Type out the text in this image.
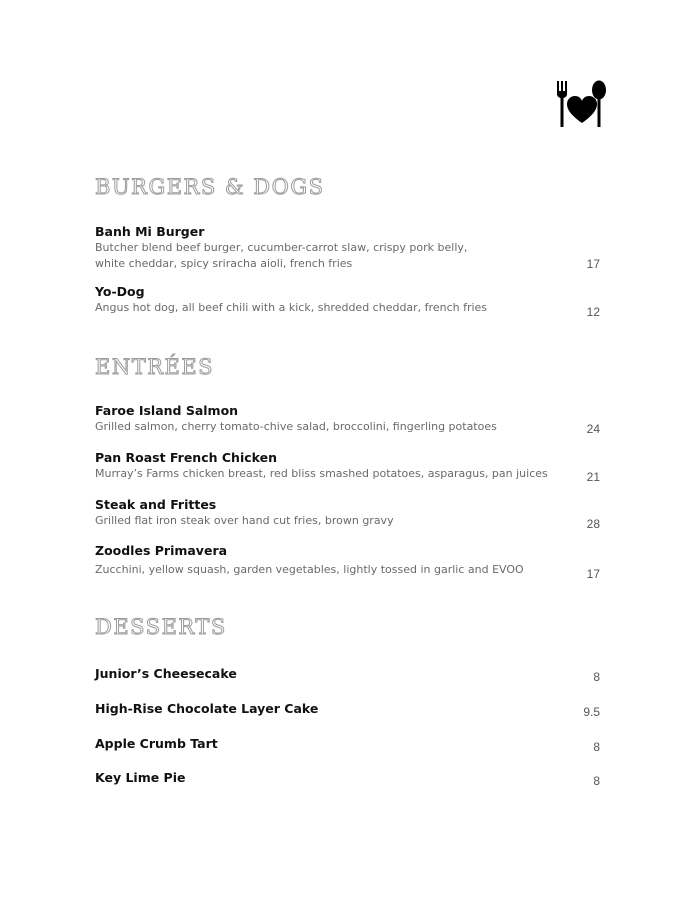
BURGERS & DOGS
Banh Mi Burger
Butcher blend beef burger, cucumber-carrot slaw, crispy pork belly,
white cheddar, spicy sriracha aioli, french fries	17
Yo-Dog
Angus hot dog, all beef chili with a kick, shredded cheddar, french fries	12
ENTRÉES
Faroe Island Salmon
Grilled salmon, cherry tomato-chive salad, broccolini, fingerling potatoes	24
Pan Roast French Chicken
Murray’s Farms chicken breast, red bliss smashed potatoes, asparagus, pan juices	21
Steak and Frittes
Grilled flat iron steak over hand cut fries, brown gravy	28
Zoodles Primavera
Zucchini, yellow squash, garden vegetables, lightly tossed in garlic and EVOO	17
DESSERTS
Junior’s Cheesecake	8
High-Rise Chocolate Layer Cake	9.5
Apple Crumb Tart	8
Key Lime Pie	8
